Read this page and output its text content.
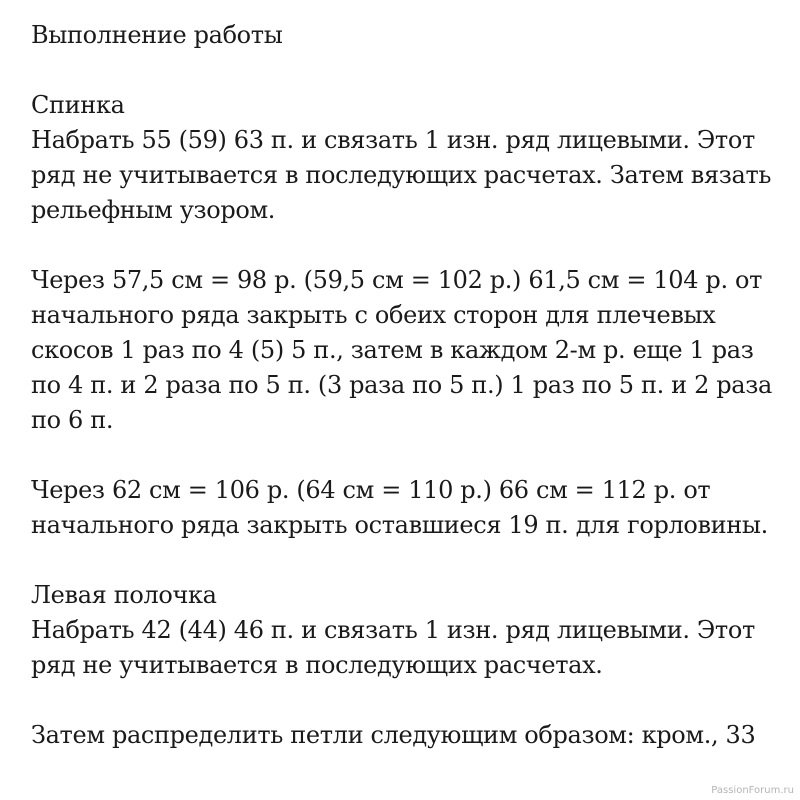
Выполнение работы
Спинка
Набрать 55 (59) 63 п. и связать 1 изн. ряд лицевыми. Этот
ряд не учитывается в последующих расчетах. Затем вязать
рельефным узором.
Через 57,5 см = 98 р. (59,5 см = 102 р.) 61,5 см = 104 р. от
начального ряда закрыть с обеих сторон для плечевых
скосов 1 раз по 4 (5) 5 п., затем в каждом 2-м р. еще 1 раз
по 4 п. и 2 раза по 5 п. (3 раза по 5 п.) 1 раз по 5 п. и 2 раза
по 6 п.
Через 62 см = 106 р. (64 см = 110 р.) 66 см = 112 р. от
начального ряда закрыть оставшиеся 19 п. для горловины.
Левая полочка
Набрать 42 (44) 46 п. и связать 1 изн. ряд лицевыми. Этот
ряд не учитывается в последующих расчетах.
Затем распределить петли следующим образом: кром., 33
PassionForum.ru
